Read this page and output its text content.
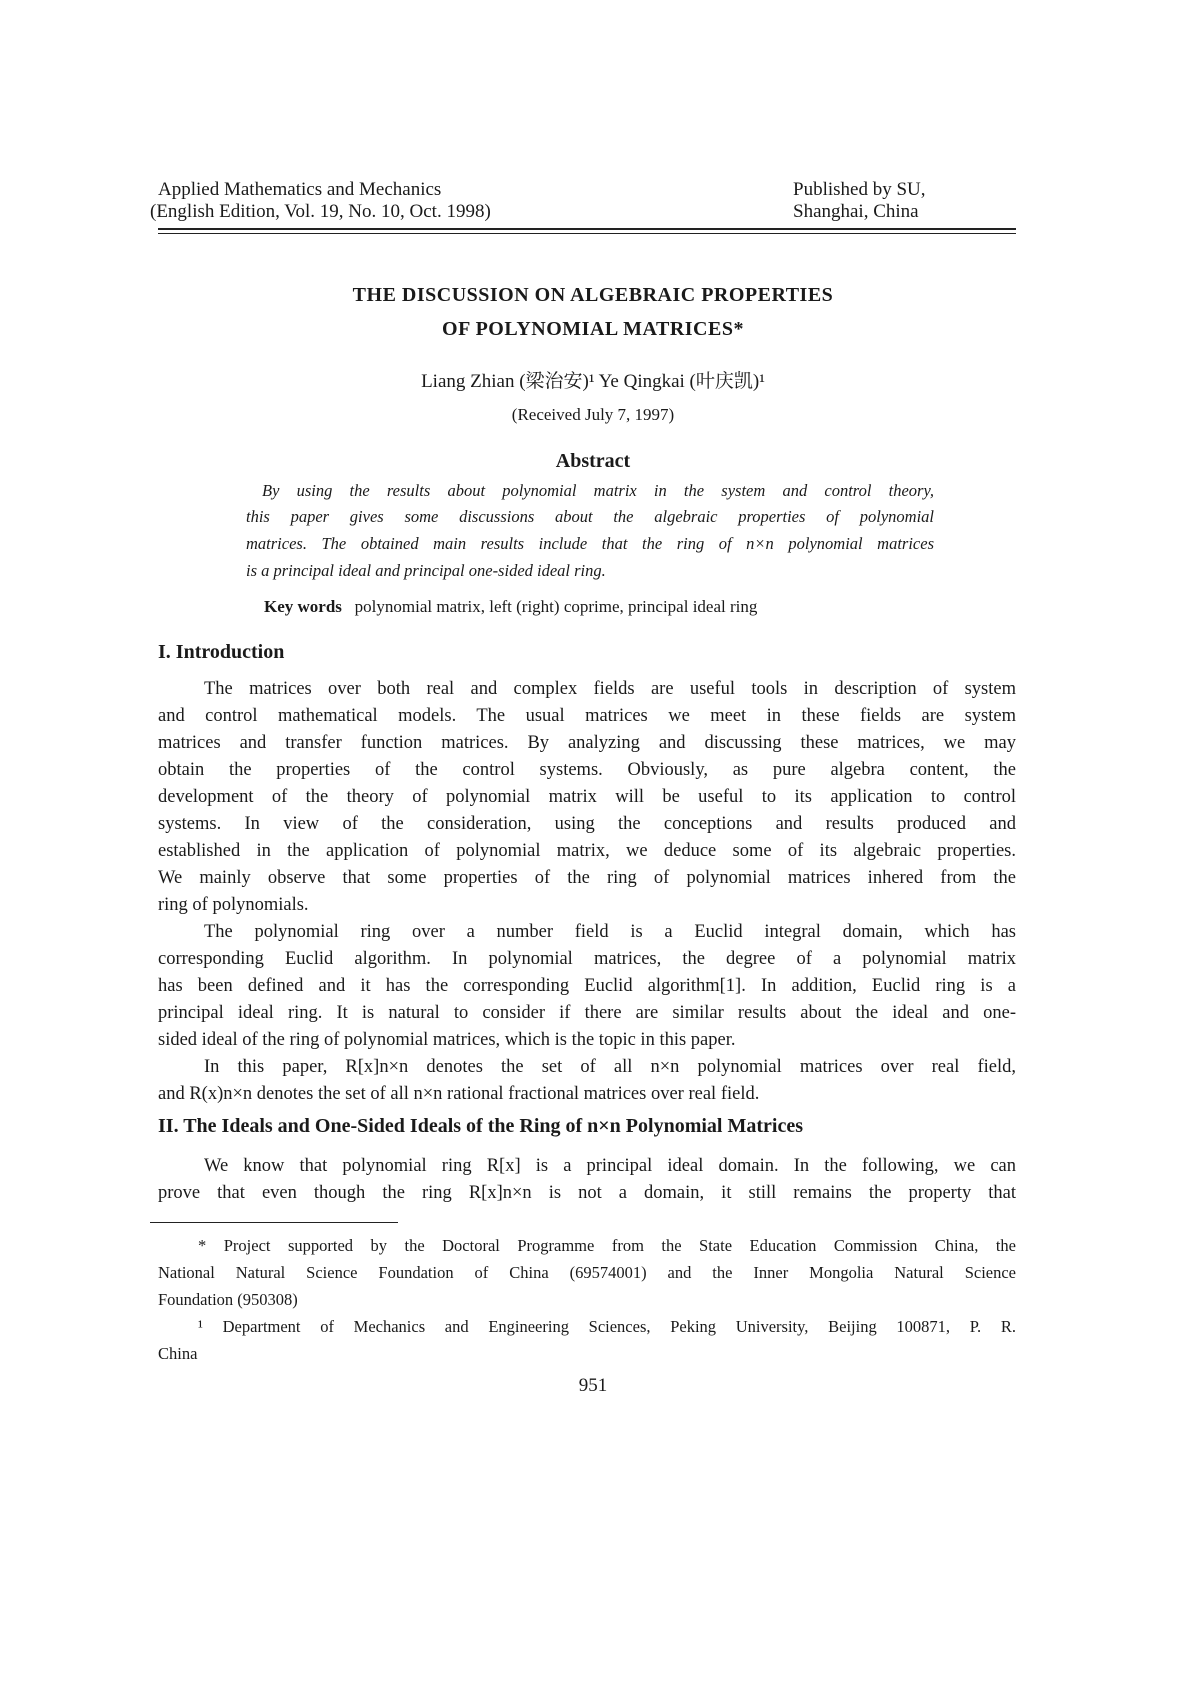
Applied Mathematics and Mechanics
(English Edition, Vol. 19, No. 10, Oct. 1998)
Published by SU,
Shanghai, China
THE DISCUSSION ON ALGEBRAIC PROPERTIES
OF POLYNOMIAL MATRICES*
Liang Zhian (梁治安)¹ Ye Qingkai (叶庆凯)¹
(Received July 7, 1997)
Abstract
By using the results about polynomial matrix in the system and control theory,
this paper gives some discussions about the algebraic properties of polynomial
matrices. The obtained main results include that the ring of n×n polynomial matrices
is a principal ideal and principal one-sided ideal ring.
Key words polynomial matrix, left (right) coprime, principal ideal ring
I. Introduction
The matrices over both real and complex fields are useful tools in description of system
and control mathematical models. The usual matrices we meet in these fields are system
matrices and transfer function matrices. By analyzing and discussing these matrices, we may
obtain the properties of the control systems. Obviously, as pure algebra content, the
development of the theory of polynomial matrix will be useful to its application to control
systems. In view of the consideration, using the conceptions and results produced and
established in the application of polynomial matrix, we deduce some of its algebraic properties.
We mainly observe that some properties of the ring of polynomial matrices inhered from the
ring of polynomials.
The polynomial ring over a number field is a Euclid integral domain, which has
corresponding Euclid algorithm. In polynomial matrices, the degree of a polynomial matrix
has been defined and it has the corresponding Euclid algorithm[1]. In addition, Euclid ring is a
principal ideal ring. It is natural to consider if there are similar results about the ideal and one-
sided ideal of the ring of polynomial matrices, which is the topic in this paper.
In this paper, R[x]n×n denotes the set of all n×n polynomial matrices over real field,
and R(x)n×n denotes the set of all n×n rational fractional matrices over real field.
II. The Ideals and One-Sided Ideals of the Ring of n×n Polynomial Matrices
We know that polynomial ring R[x] is a principal ideal domain. In the following, we can
prove that even though the ring R[x]n×n is not a domain, it still remains the property that
* Project supported by the Doctoral Programme from the State Education Commission China, the
National Natural Science Foundation of China (69574001) and the Inner Mongolia Natural Science
Foundation (950308)
¹ Department of Mechanics and Engineering Sciences, Peking University, Beijing 100871, P. R.
China
951
